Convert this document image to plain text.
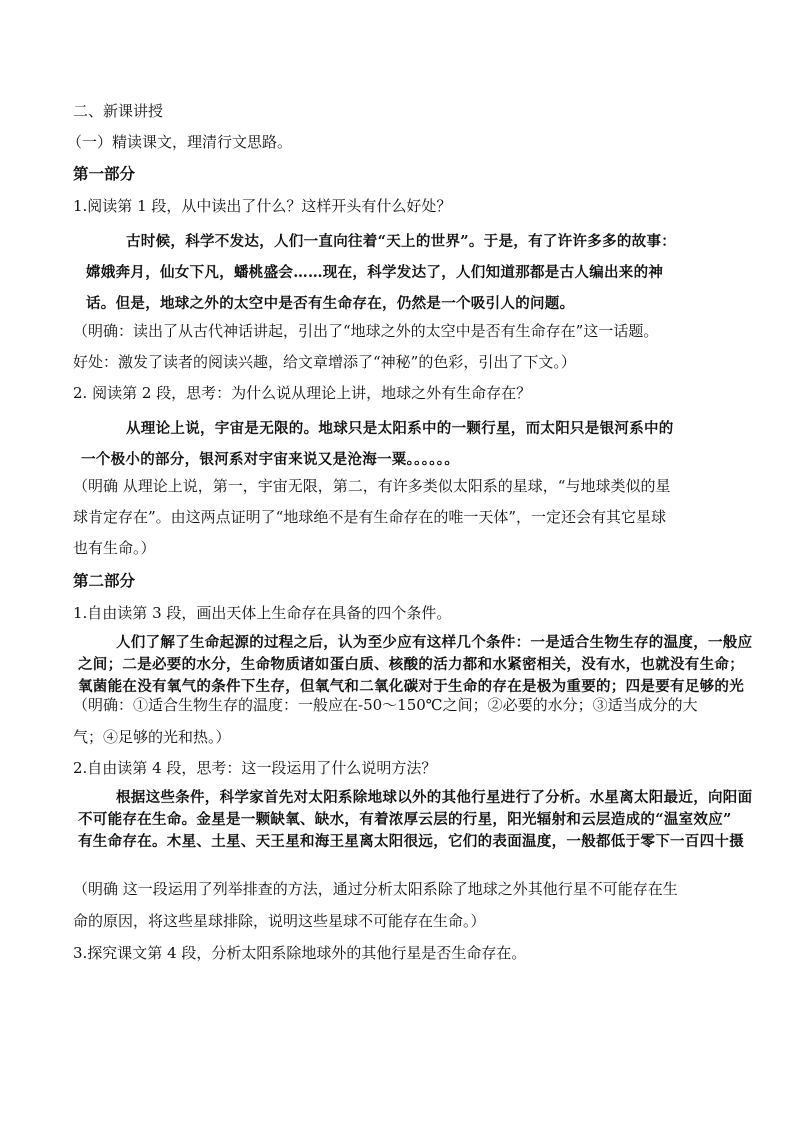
二、新课讲授
（一）精读课文，理清行文思路。
第一部分
1.阅读第 1 段，从中读出了什么？这样开头有什么好处？
古时候，科学不发达，人们一直向往着“天上的世界”。于是，有了许许多多的故事：
嫦娥奔月，仙女下凡，蟠桃盛会……现在，科学发达了，人们知道那都是古人编出来的神
话。但是，地球之外的太空中是否有生命存在，仍然是一个吸引人的问题。
（明确：读出了从古代神话讲起，引出了“地球之外的太空中是否有生命存在”这一话题。
好处：激发了读者的阅读兴趣，给文章增添了“神秘”的色彩，引出了下文。）
2. 阅读第 2 段，思考：为什么说从理论上讲，地球之外有生命存在？
从理论上说，宇宙是无限的。地球只是太阳系中的一颗行星，而太阳只是银河系中的
一个极小的部分，银河系对宇宙来说又是沧海一粟。。。。。。
（明确 从理论上说，第一，宇宙无限，第二，有许多类似太阳系的星球，“与地球类似的星
球肯定存在”。由这两点证明了“地球绝不是有生命存在的唯一天体”，一定还会有其它星球
也有生命。）
第二部分
1.自由读第 3 段，画出天体上生命存在具备的四个条件。
人们了解了生命起源的过程之后，认为至少应有这样几个条件：一是适合生物生存的温度，一般应
之间；二是必要的水分，生命物质诸如蛋白质、核酸的活力都和水紧密相关，没有水，也就没有生命；
氧菌能在没有氧气的条件下生存，但氧气和二氧化碳对于生命的存在是极为重要的；四是要有足够的光
（明确：①适合生物生存的温度：一般应在-50～150℃之间；②必要的水分；③适当成分的大
气；④足够的光和热。）
2.自由读第 4 段，思考：这一段运用了什么说明方法？
根据这些条件，科学家首先对太阳系除地球以外的其他行星进行了分析。水星离太阳最近，向阳面
不可能存在生命。金星是一颗缺氧、缺水，有着浓厚云层的行星，阳光辐射和云层造成的“温室效应”
有生命存在。木星、土星、天王星和海王星离太阳很远，它们的表面温度，一般都低于零下一百四十摄
（明确 这一段运用了列举排查的方法，通过分析太阳系除了地球之外其他行星不可能存在生
命的原因，将这些星球排除，说明这些星球不可能存在生命。）
3.探究课文第 4 段，分析太阳系除地球外的其他行星是否生命存在。
